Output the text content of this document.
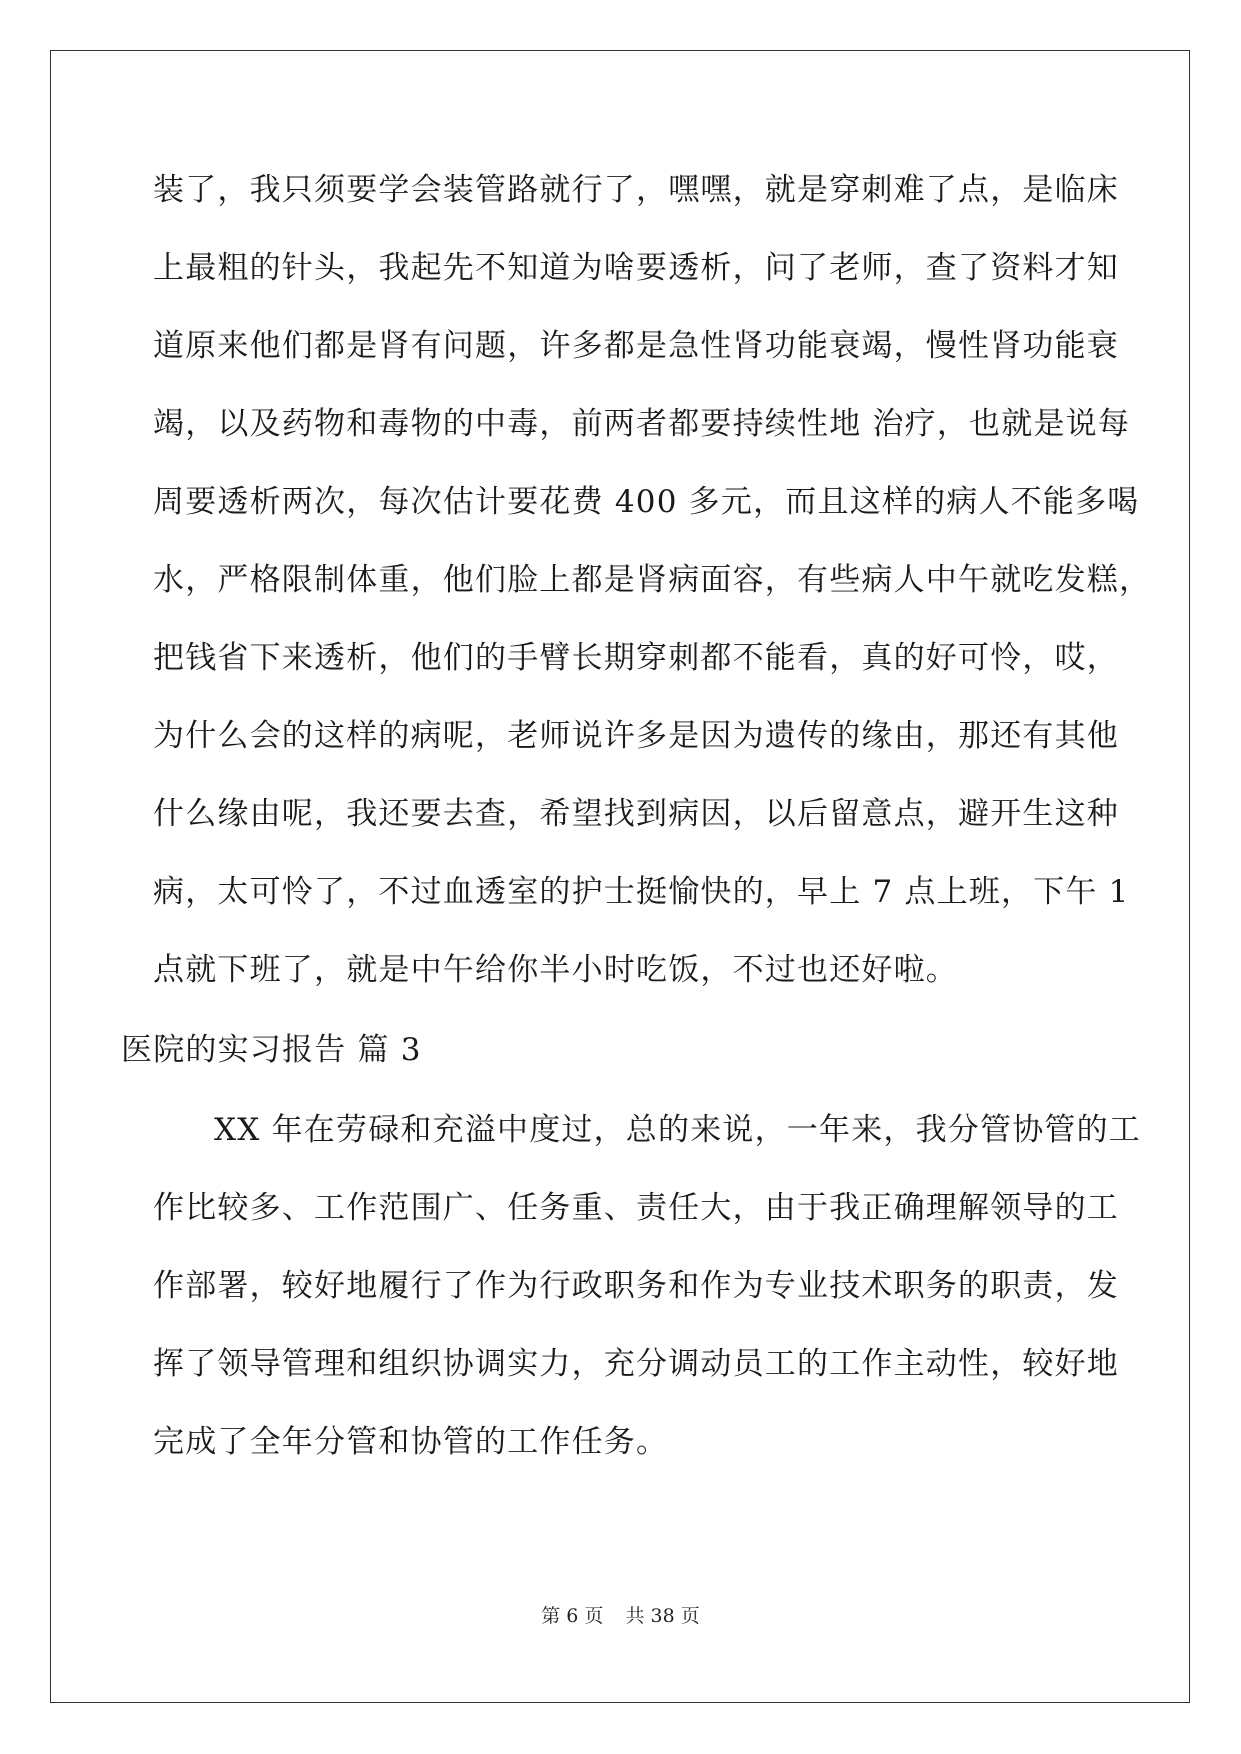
装了，我只须要学会装管路就行了，嘿嘿，就是穿刺难了点，是临床
上最粗的针头，我起先不知道为啥要透析，问了老师，查了资料才知
道原来他们都是肾有问题，许多都是急性肾功能衰竭，慢性肾功能衰
竭，以及药物和毒物的中毒，前两者都要持续性地 治疗，也就是说每
周要透析两次，每次估计要花费 400 多元，而且这样的病人不能多喝
水，严格限制体重，他们脸上都是肾病面容，有些病人中午就吃发糕，
把钱省下来透析，他们的手臂长期穿刺都不能看，真的好可怜，哎，
为什么会的这样的病呢，老师说许多是因为遗传的缘由，那还有其他
什么缘由呢，我还要去查，希望找到病因，以后留意点，避开生这种
病，太可怜了，不过血透室的护士挺愉快的，早上 7 点上班，下午 1
点就下班了，就是中午给你半小时吃饭，不过也还好啦。
医院的实习报告 篇 3
XX 年在劳碌和充溢中度过，总的来说，一年来，我分管协管的工
作比较多、工作范围广、任务重、责任大，由于我正确理解领导的工
作部署，较好地履行了作为行政职务和作为专业技术职务的职责，发
挥了领导管理和组织协调实力，充分调动员工的工作主动性，较好地
完成了全年分管和协管的工作任务。
第 6 页 共 38 页
